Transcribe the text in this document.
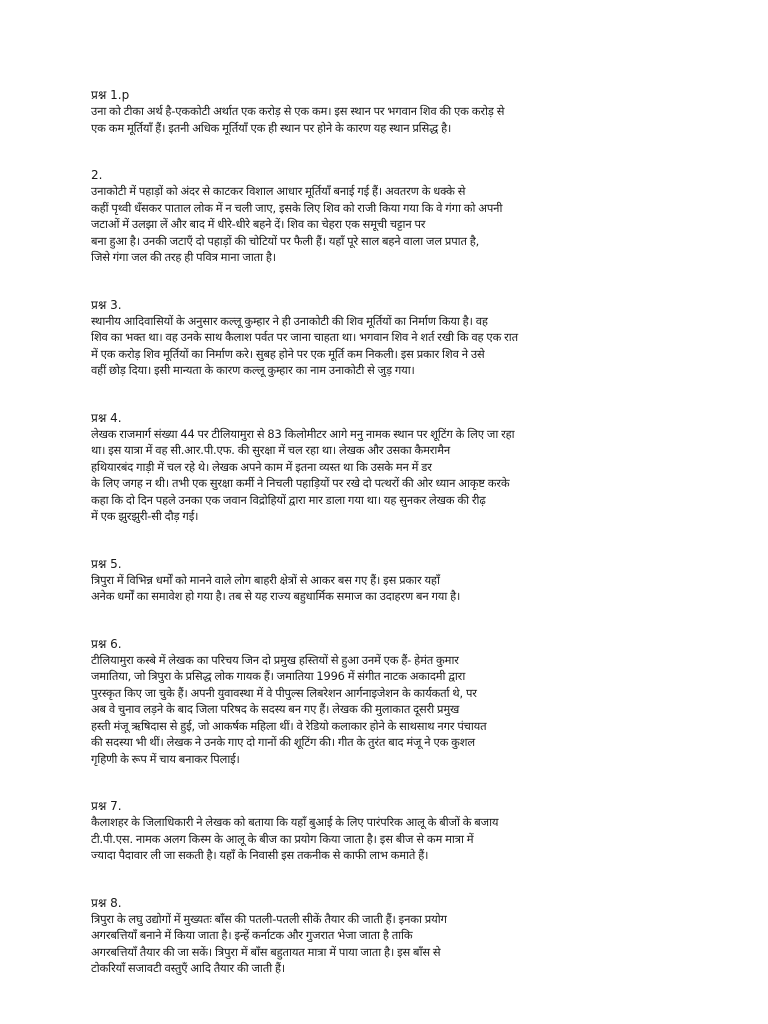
प्रश्न 1.p

उना को टीका अर्थ है-एककोटी अर्थात एक करोड़ से एक कम। इस स्थान पर भगवान शिव की एक करोड़ से
एक कम मूर्तियाँ हैं। इतनी अधिक मूर्तियाँ एक ही स्थान पर होने के कारण यह स्थान प्रसिद्ध है।

2.

उनाकोटी में पहाड़ों को अंदर से काटकर विशाल आधार मूर्तियाँ बनाई गई हैं। अवतरण के धक्के से
कहीं पृथ्वी धँसकर पाताल लोक में न चली जाए, इसके लिए शिव को राजी किया गया कि वे गंगा को अपनी
जटाओं में उलझा लें और बाद में धीरे-धीरे बहने दें। शिव का चेहरा एक समूची चट्टान पर
बना हुआ है। उनकी जटाएँ दो पहाड़ों की चोटियों पर फैली हैं। यहाँ पूरे साल बहने वाला जल प्रपात है,
जिसे गंगा जल की तरह ही पवित्र माना जाता है।

प्रश्न 3.

स्थानीय आदिवासियों के अनुसार कल्लू कुम्हार ने ही उनाकोटी की शिव मूर्तियों का निर्माण किया है। वह
शिव का भक्त था। वह उनके साथ कैलाश पर्वत पर जाना चाहता था। भगवान शिव ने शर्त रखी कि वह एक रात
में एक करोड़ शिव मूर्तियों का निर्माण करे। सुबह होने पर एक मूर्ति कम निकली। इस प्रकार शिव ने उसे
वहीं छोड़ दिया। इसी मान्यता के कारण कल्लू कुम्हार का नाम उनाकोटी से जुड़ गया।

प्रश्न 4.

लेखक राजमार्ग संख्या 44 पर टीलियामुरा से 83 किलोमीटर आगे मनु नामक स्थान पर शूटिंग के लिए जा रहा
था। इस यात्रा में वह सी.आर.पी.एफ. की सुरक्षा में चल रहा था। लेखक और उसका कैमरामैन
हथियारबंद गाड़ी में चल रहे थे। लेखक अपने काम में इतना व्यस्त था कि उसके मन में डर
के लिए जगह न थी। तभी एक सुरक्षा कर्मी ने निचली पहाड़ियों पर रखे दो पत्थरों की ओर ध्यान आकृष्ट करके
कहा कि दो दिन पहले उनका एक जवान विद्रोहियों द्वारा मार डाला गया था। यह सुनकर लेखक की रीढ़
में एक झुरझुरी-सी दौड़ गई।

प्रश्न 5.

त्रिपुरा में विभिन्न धर्मों को मानने वाले लोग बाहरी क्षेत्रों से आकर बस गए हैं। इस प्रकार यहाँ
अनेक धर्मों का समावेश हो गया है। तब से यह राज्य बहुधार्मिक समाज का उदाहरण बन गया है।

प्रश्न 6.

टीलियामुरा कस्बे में लेखक का परिचय जिन दो प्रमुख हस्तियों से हुआ उनमें एक हैं- हेमंत कुमार
जमातिया, जो त्रिपुरा के प्रसिद्ध लोक गायक हैं। जमातिया 1996 में संगीत नाटक अकादमी द्वारा
पुरस्कृत किए जा चुके हैं। अपनी युवावस्था में वे पीपुल्स लिबरेशन आर्गनाइजेशन के कार्यकर्ता थे, पर
अब वे चुनाव लड़ने के बाद जिला परिषद के सदस्य बन गए हैं। लेखक की मुलाकात दूसरी प्रमुख
हस्ती मंजू ऋषिदास से हुई, जो आकर्षक महिला थीं। वे रेडियो कलाकार होने के साथसाथ नगर पंचायत
की सदस्या भी थीं। लेखक ने उनके गाए दो गानों की शूटिंग की। गीत के तुरंत बाद मंजू ने एक कुशल
गृहिणी के रूप में चाय बनाकर पिलाई।

प्रश्न 7.

कैलाशहर के जिलाधिकारी ने लेखक को बताया कि यहाँ बुआई के लिए पारंपरिक आलू के बीजों के बजाय
टी.पी.एस. नामक अलग किस्म के आलू के बीज का प्रयोग किया जाता है। इस बीज से कम मात्रा में
ज्यादा पैदावार ली जा सकती है। यहाँ के निवासी इस तकनीक से काफी लाभ कमाते हैं।

प्रश्न 8.

त्रिपुरा के लघु उद्योगों में मुख्यतः बाँस की पतली-पतली सीकें तैयार की जाती हैं। इनका प्रयोग
अगरबत्तियाँ बनाने में किया जाता है। इन्हें कर्नाटक और गुजरात भेजा जाता है ताकि
अगरबत्तियाँ तैयार की जा सकें। त्रिपुरा में बाँस बहुतायत मात्रा में पाया जाता है। इस बाँस से
टोकरियाँ सजावटी वस्तुएँ आदि तैयार की जाती हैं।
